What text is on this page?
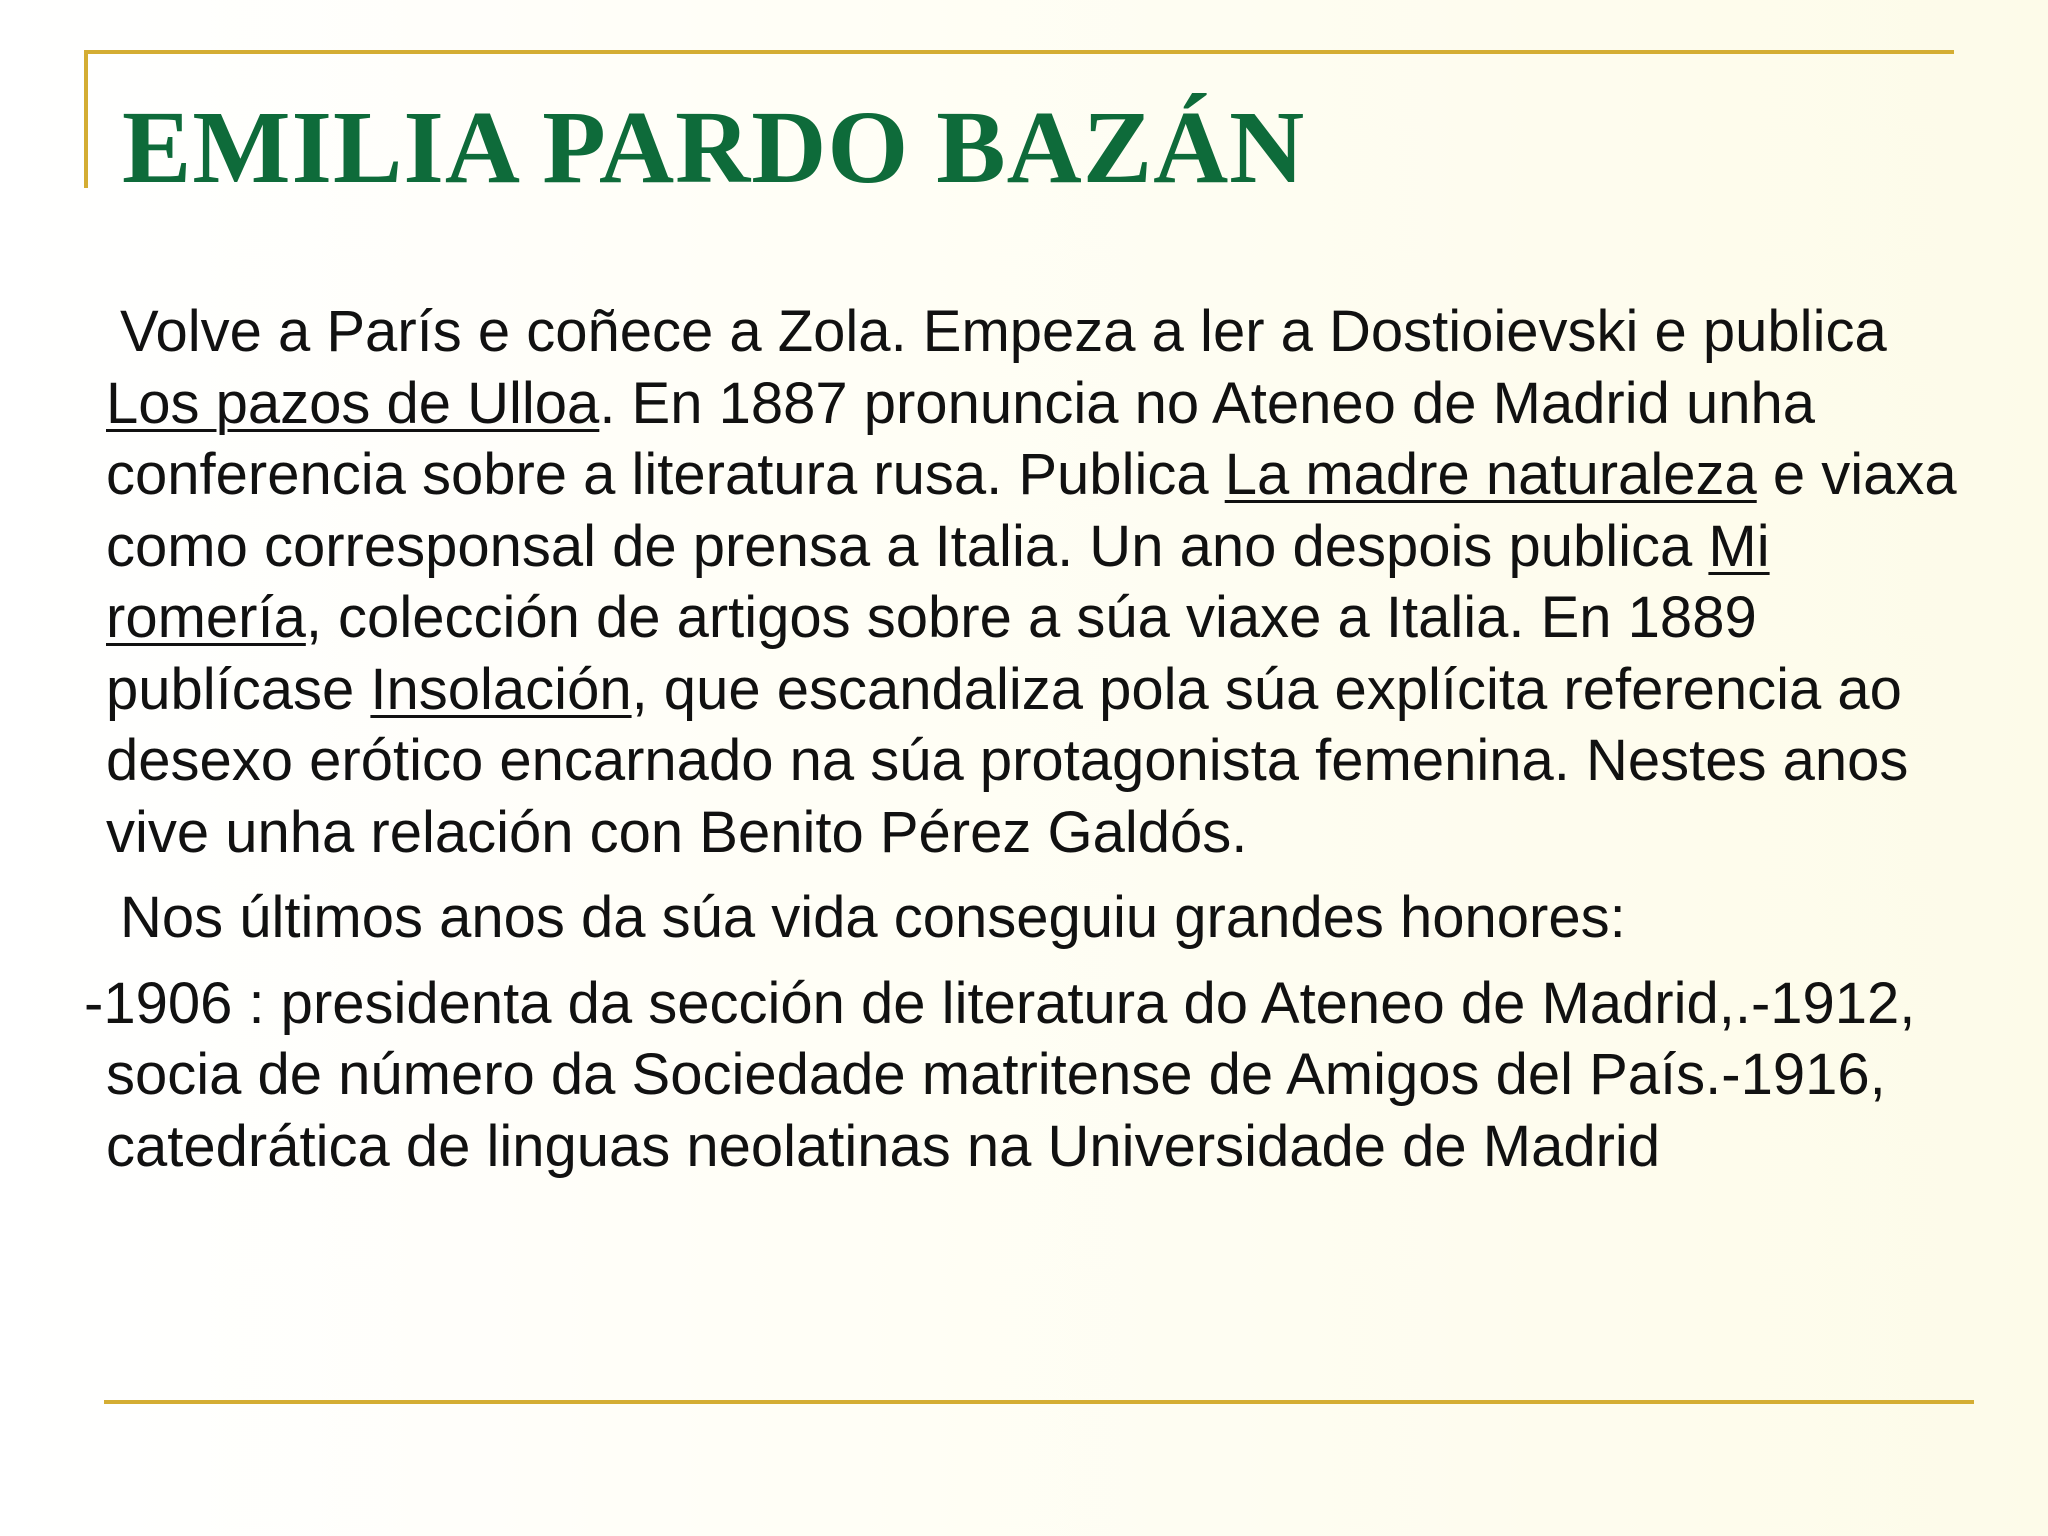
EMILIA PARDO BAZÁN

Volve a París e coñece a Zola. Empeza a ler a Dostioievski e publica Los pazos de Ulloa. En 1887 pronuncia no Ateneo de Madrid unha conferencia sobre a literatura rusa. Publica La madre naturaleza e viaxa como corresponsal de prensa a Italia. Un ano despois publica Mi romería, colección de artigos sobre a súa viaxe a Italia. En 1889 publícase Insolación, que escandaliza pola súa explícita referencia ao desexo erótico encarnado na súa protagonista femenina. Nestes anos vive unha relación con Benito Pérez Galdós.

Nos últimos anos da súa vida conseguiu grandes honores:

-1906 : presidenta da sección de literatura do Ateneo de Madrid,.-1912, socia de número da Sociedade matritense de Amigos del País.-1916, catedrática de linguas neolatinas na Universidade de Madrid
